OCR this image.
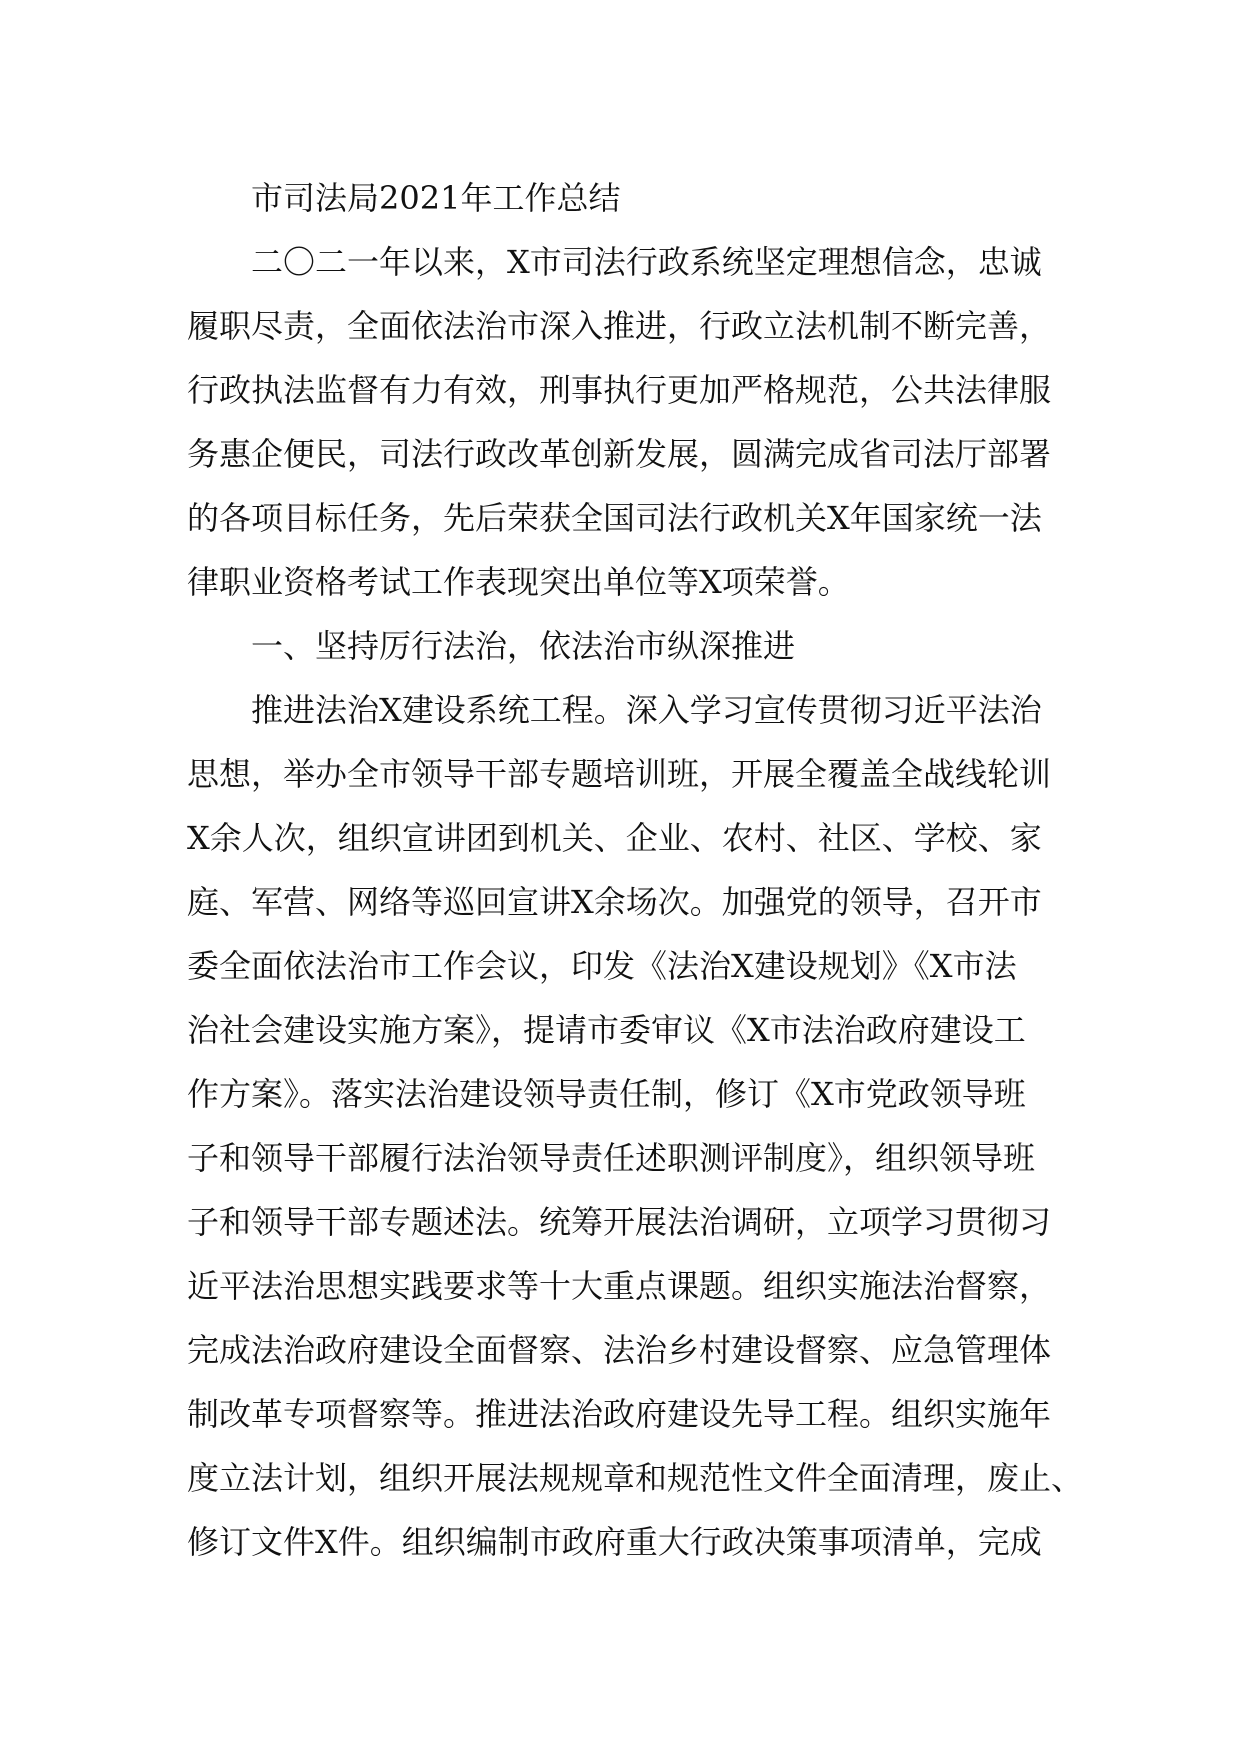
市司法局2021年工作总结

二〇二一年以来，X市司法行政系统坚定理想信念，忠诚

履职尽责，全面依法治市深入推进，行政立法机制不断完善，

行政执法监督有力有效，刑事执行更加严格规范，公共法律服

务惠企便民，司法行政改革创新发展，圆满完成省司法厅部署

的各项目标任务，先后荣获全国司法行政机关X年国家统一法

律职业资格考试工作表现突出单位等X项荣誉。

一、坚持厉行法治，依法治市纵深推进

推进法治X建设系统工程。深入学习宣传贯彻习近平法治

思想，举办全市领导干部专题培训班，开展全覆盖全战线轮训

X余人次，组织宣讲团到机关、企业、农村、社区、学校、家

庭、军营、网络等巡回宣讲X余场次。加强党的领导，召开市

委全面依法治市工作会议，印发《法治X建设规划》《X市法

治社会建设实施方案》，提请市委审议《X市法治政府建设工

作方案》。落实法治建设领导责任制，修订《X市党政领导班

子和领导干部履行法治领导责任述职测评制度》，组织领导班

子和领导干部专题述法。统筹开展法治调研，立项学习贯彻习

近平法治思想实践要求等十大重点课题。组织实施法治督察，

完成法治政府建设全面督察、法治乡村建设督察、应急管理体

制改革专项督察等。推进法治政府建设先导工程。组织实施年

度立法计划，组织开展法规规章和规范性文件全面清理，废止、

修订文件X件。组织编制市政府重大行政决策事项清单，完成
